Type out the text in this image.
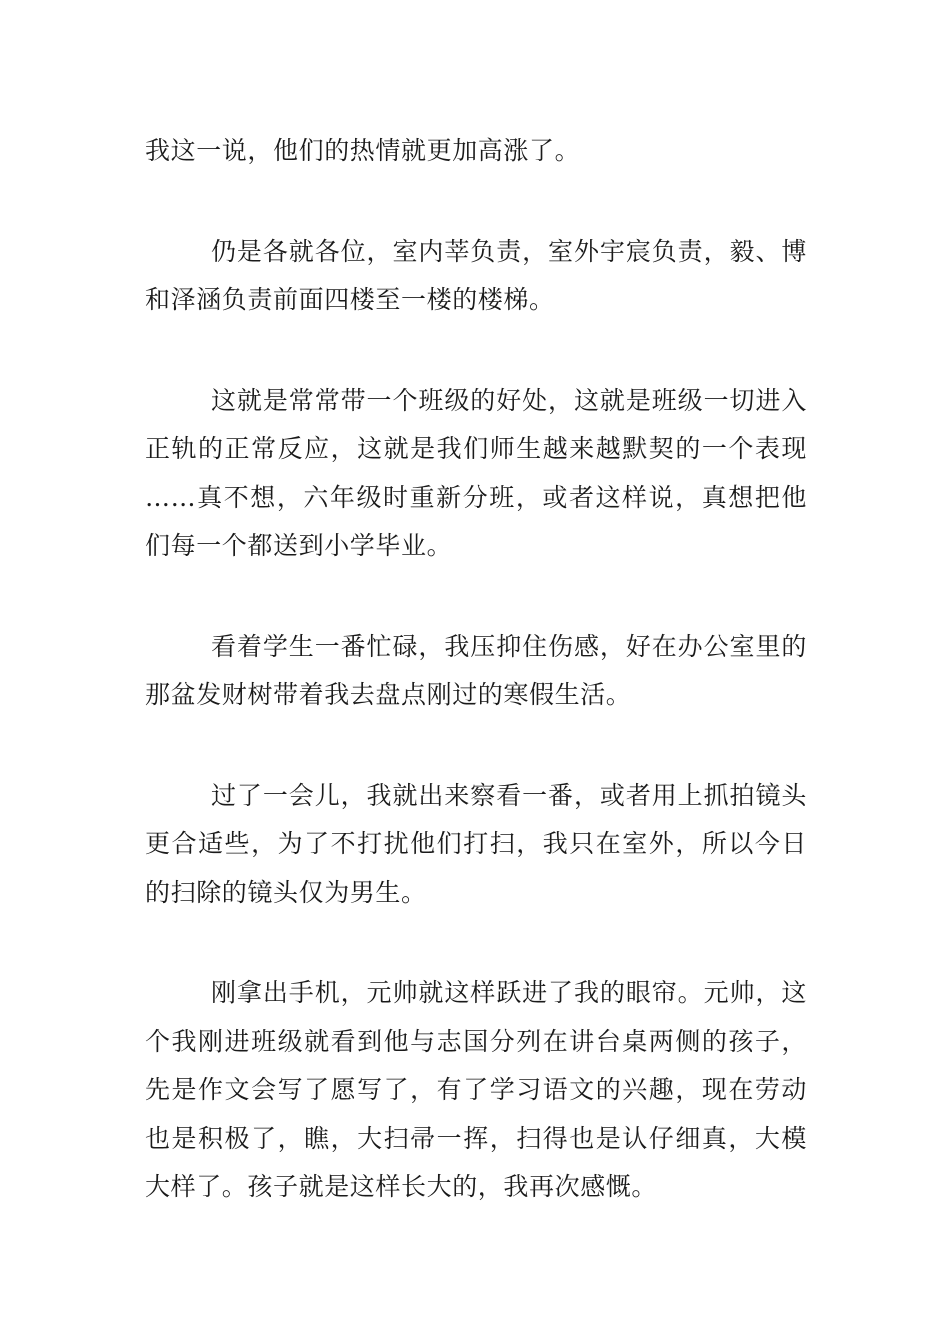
我这一说，他们的热情就更加高涨了。

仍是各就各位，室内莘负责，室外宇宸负责，毅、博和泽涵负责前面四楼至一楼的楼梯。

这就是常常带一个班级的好处，这就是班级一切进入正轨的正常反应，这就是我们师生越来越默契的一个表现……真不想，六年级时重新分班，或者这样说，真想把他们每一个都送到小学毕业。

看着学生一番忙碌，我压抑住伤感，好在办公室里的那盆发财树带着我去盘点刚过的寒假生活。

过了一会儿，我就出来察看一番，或者用上抓拍镜头更合适些，为了不打扰他们打扫，我只在室外，所以今日的扫除的镜头仅为男生。

刚拿出手机，元帅就这样跃进了我的眼帘。元帅，这个我刚进班级就看到他与志国分列在讲台桌两侧的孩子，先是作文会写了愿写了，有了学习语文的兴趣，现在劳动也是积极了，瞧，大扫帚一挥，扫得也是认仔细真，大模大样了。孩子就是这样长大的，我再次感慨。
